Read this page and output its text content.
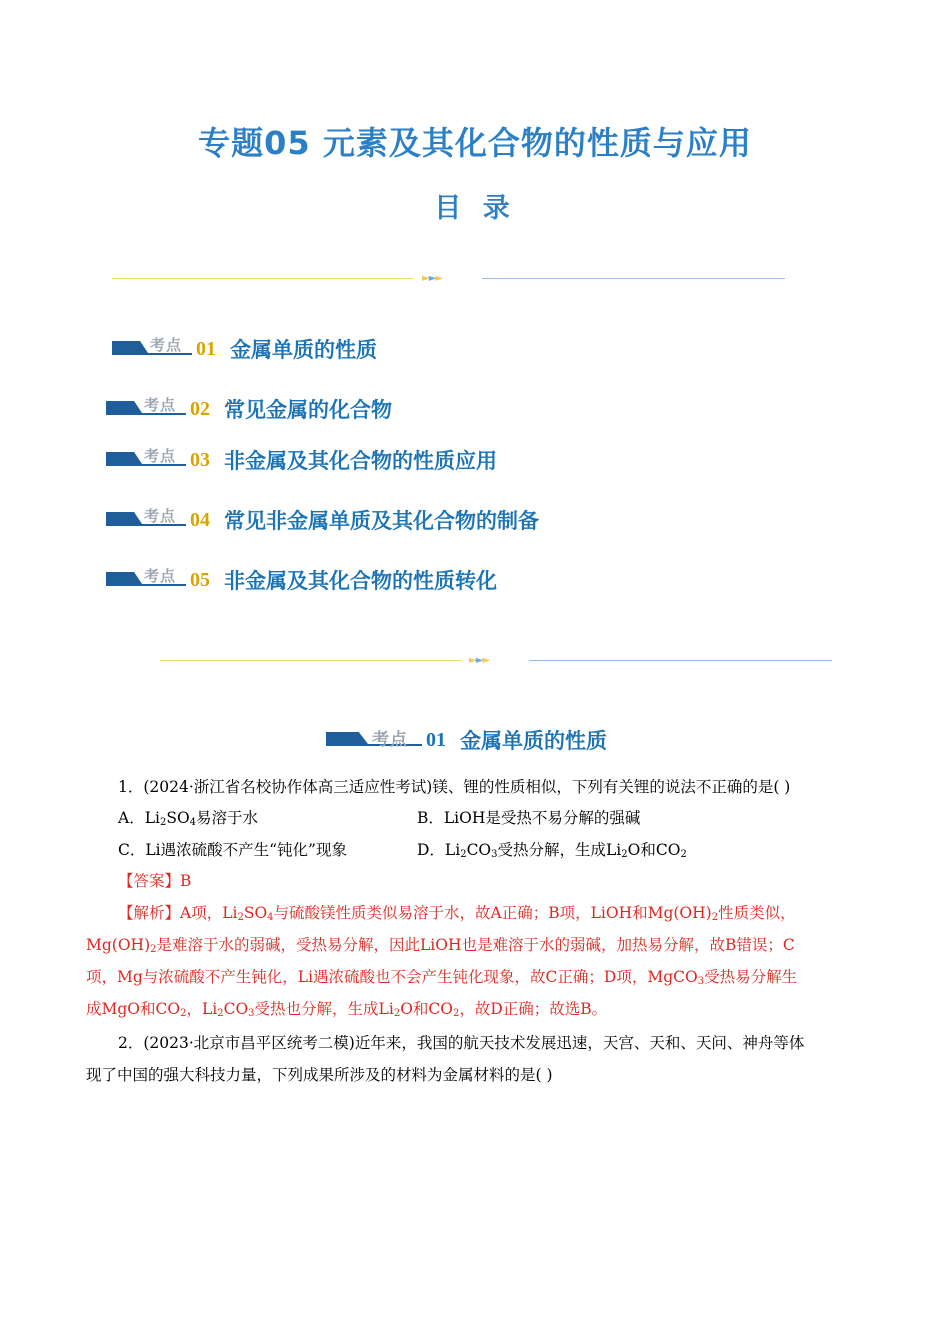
专题05 元素及其化合物的性质与应用
目 录
►►►
考点 01 金属单质的性质
考点 02 常见金属的化合物
考点 03 非金属及其化合物的性质应用
考点 04 常见非金属单质及其化合物的制备
考点 05 非金属及其化合物的性质转化
►►►
考点 01 金属单质的性质
1．(2024·浙江省名校协作体高三适应性考试)镁、锂的性质相似，下列有关锂的说法不正确的是( )
A．$Li_2SO_4$易溶于水	B．LiOH是受热不易分解的强碱
C．Li遇浓硫酸不产生“钝化”现象	D．$Li_2CO_3$受热分解，生成$Li_2O$和$CO_2$
【答案】B
【解析】A项，$Li_2SO_4$与硫酸镁性质类似易溶于水，故A正确；B项，LiOH和$Mg(OH)_2$性质类似，
$Mg(OH)_2$是难溶于水的弱碱，受热易分解，因此LiOH也是难溶于水的弱碱，加热易分解，故B错误；C
项，Mg与浓硫酸不产生钝化，Li遇浓硫酸也不会产生钝化现象，故C正确；D项，MgCO$_3$受热易分解生
成MgO和$CO_2$，$Li_2CO_3$受热也分解，生成$Li_2O$和$CO_2$，故D正确；故选B。
2．(2023·北京市昌平区统考二模)近年来，我国的航天技术发展迅速，天宫、天和、天问、神舟等体
现了中国的强大科技力量，下列成果所涉及的材料为金属材料的是( )
